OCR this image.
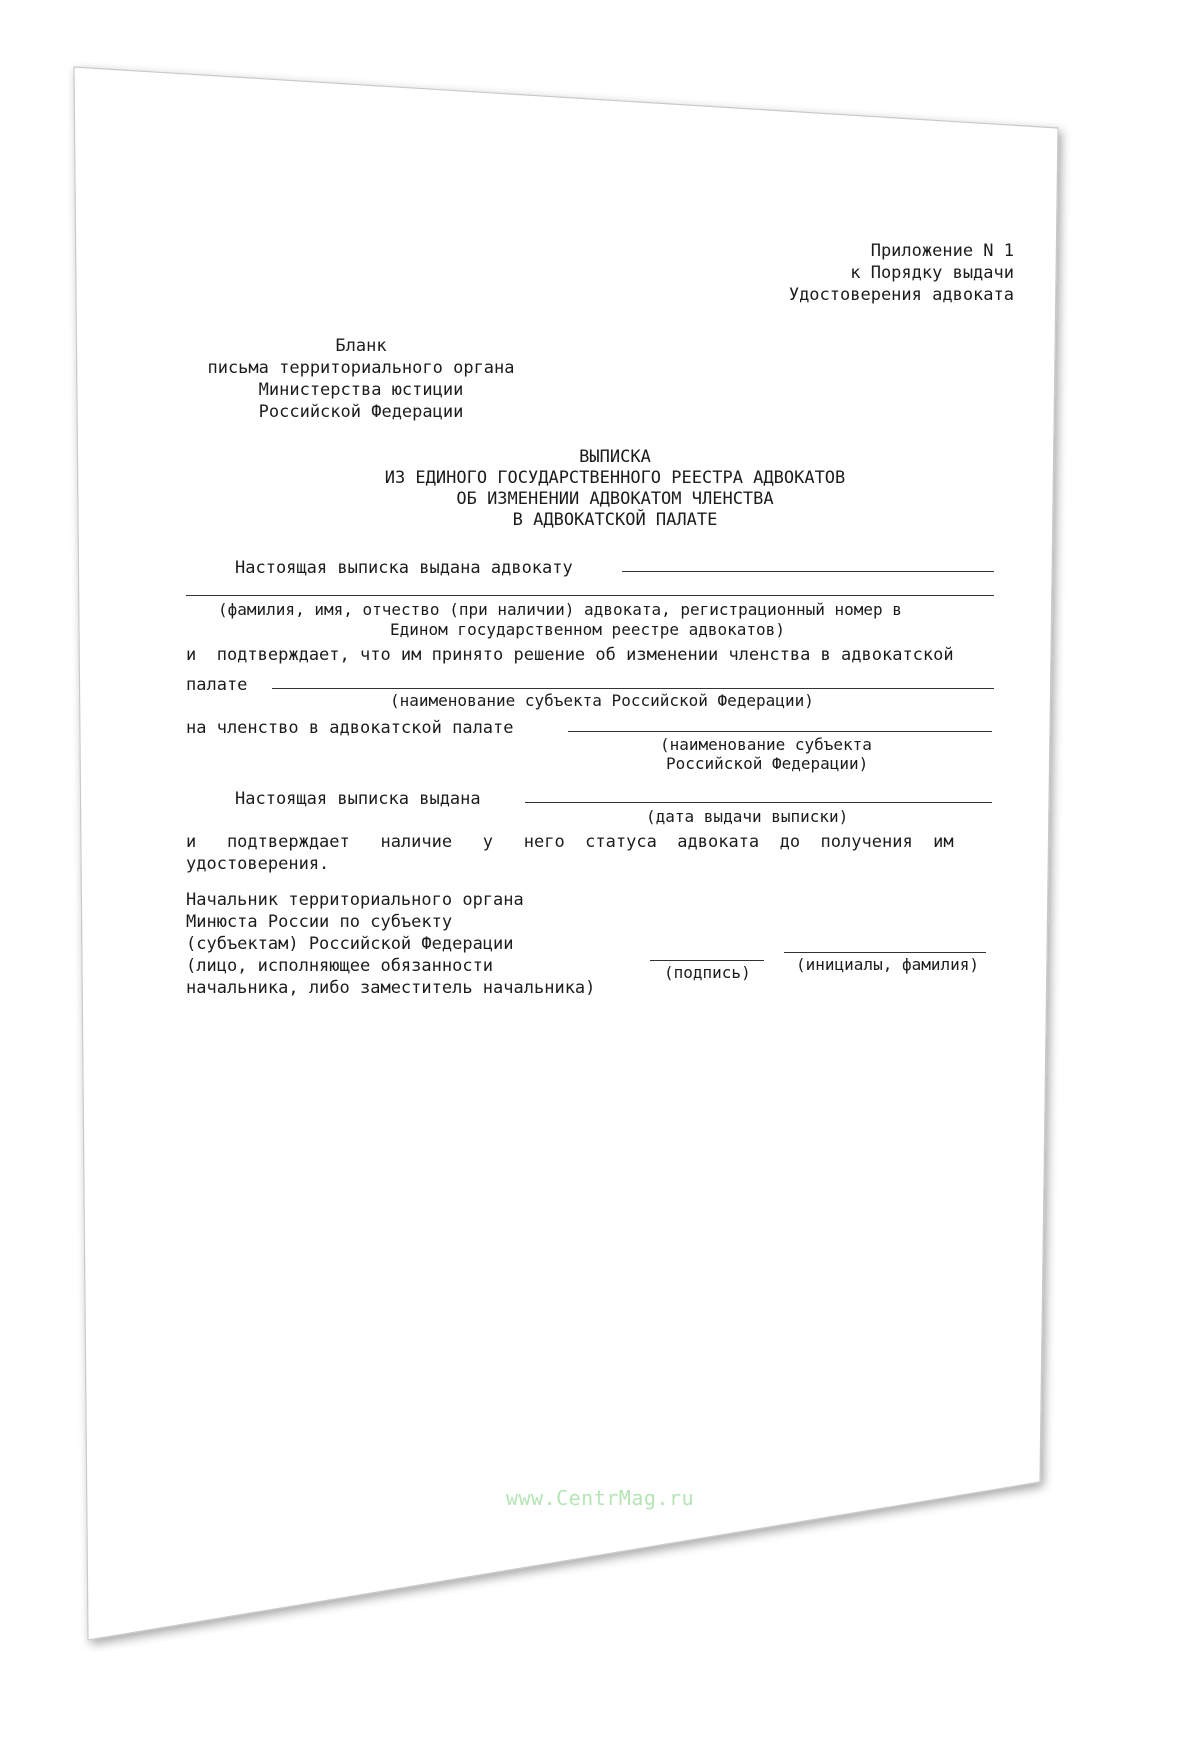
Приложение N 1
к Порядку выдачи
Удостоверения адвоката
Бланк
письма территориального органа
Министерства юстиции
Российской Федерации
ВЫПИСКА
ИЗ ЕДИНОГО ГОСУДАРСТВЕННОГО РЕЕСТРА АДВОКАТОВ
ОБ ИЗМЕНЕНИИ АДВОКАТОМ ЧЛЕНСТВА
В АДВОКАТСКОЙ ПАЛАТЕ
Настоящая выписка выдана адвокату
(фамилия, имя, отчество (при наличии) адвоката, регистрационный номер в
Едином государственном реестре адвокатов)
и  подтверждает, что им принято решение об изменении членства в адвокатской
палате
(наименование субъекта Российской Федерации)
на членство в адвокатской палате
(наименование субъекта
Российской Федерации)
Настоящая выписка выдана
(дата выдачи выписки)
и   подтверждает   наличие   у   него  статуса  адвоката  до  получения  им
удостоверения.
Начальник территориального органа
Минюста России по субъекту
(субъектам) Российской Федерации
(лицо, исполняющее обязанности
начальника, либо заместитель начальника)
(подпись)	(инициалы, фамилия)
www.CentrMag.ru
